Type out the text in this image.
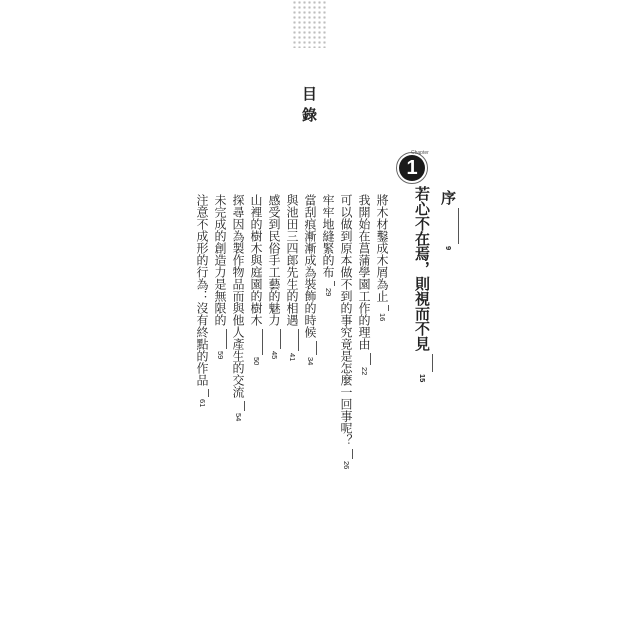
目錄
序9
1
Chapter
若心不在焉，則視而不見15
將木材鑿成木屑為止16
我開始在菖蒲學園工作的理由22
可以做到原本做不到的事究竟是怎麼一回事呢？26
牢牢地縫緊的布29
當刮痕漸漸成為裝飾的時候34
與池田三四郎先生的相遇41
感受到民俗手工藝的魅力45
山裡的樹木與庭園的樹木50
探尋因為製作物品而與他人產生的交流54
未完成的創造力是無限的59
注意不成形的行為：沒有終點的作品61
